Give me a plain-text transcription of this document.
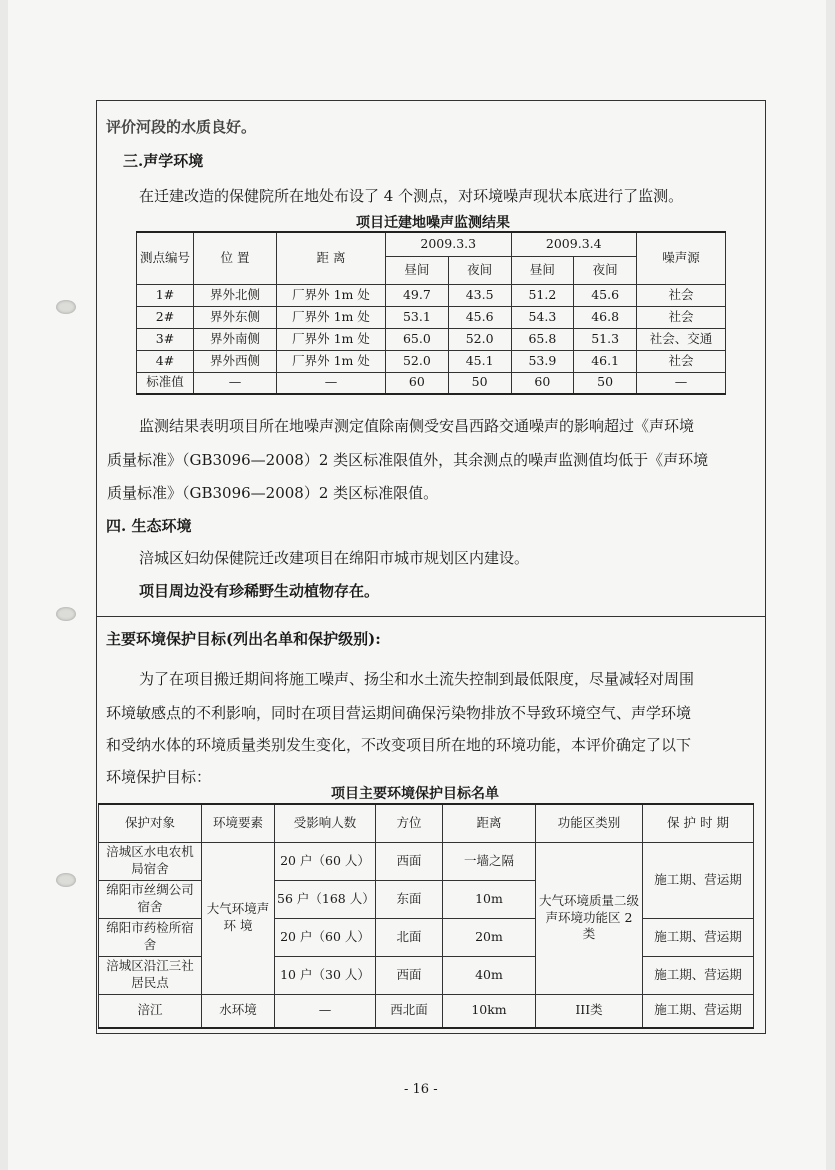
评价河段的水质良好。
三.声学环境
在迁建改造的保健院所在地处布设了 4 个测点，对环境噪声现状本底进行了监测。
项目迁建地噪声监测结果
测点编号	位 置	距 离	2009.3.3		2009.3.4		噪声源
			昼间	夜间	昼间	夜间	
1#	界外北侧	厂界外 1m 处	49.7	43.5	51.2	45.6	社会
2#	界外东侧	厂界外 1m 处	53.1	45.6	54.3	46.8	社会
3#	界外南侧	厂界外 1m 处	65.0	52.0	65.8	51.3	社会、交通
4#	界外西侧	厂界外 1m 处	52.0	45.1	53.9	46.1	社会
标准值	—	—	60	50	60	50	—
监测结果表明项目所在地噪声测定值除南侧受安昌西路交通噪声的影响超过《声环境
质量标准》（GB3096—2008）2 类区标准限值外，其余测点的噪声监测值均低于《声环境
质量标准》（GB3096—2008）2 类区标准限值。
四. 生态环境
涪城区妇幼保健院迁改建项目在绵阳市城市规划区内建设。
项目周边没有珍稀野生动植物存在。
主要环境保护目标(列出名单和保护级别):
为了在项目搬迁期间将施工噪声、扬尘和水土流失控制到最低限度，尽量减轻对周围
环境敏感点的不利影响，同时在项目营运期间确保污染物排放不导致环境空气、声学环境
和受纳水体的环境质量类别发生变化，不改变项目所在地的环境功能，本评价确定了以下
环境保护目标：
项目主要环境保护目标名单
保护对象	环境要素	受影响人数	方位	距离	功能区类别	保 护 时 期
涪城区水电农机局宿舍	大气环境声 环 境	20 户（60 人）	西面	一墙之隔	大气环境质量二级声环境功能区 2 类	施工期、营运期
绵阳市丝绸公司宿舍		56 户（168 人）	东面	10m		
绵阳市药检所宿舍		20 户（60 人）	北面	20m		施工期、营运期
涪城区沿江三社居民点		10 户（30 人）	西面	40m		施工期、营运期
涪江	水环境	—	西北面	10km	III类	施工期、营运期
- 16 -
